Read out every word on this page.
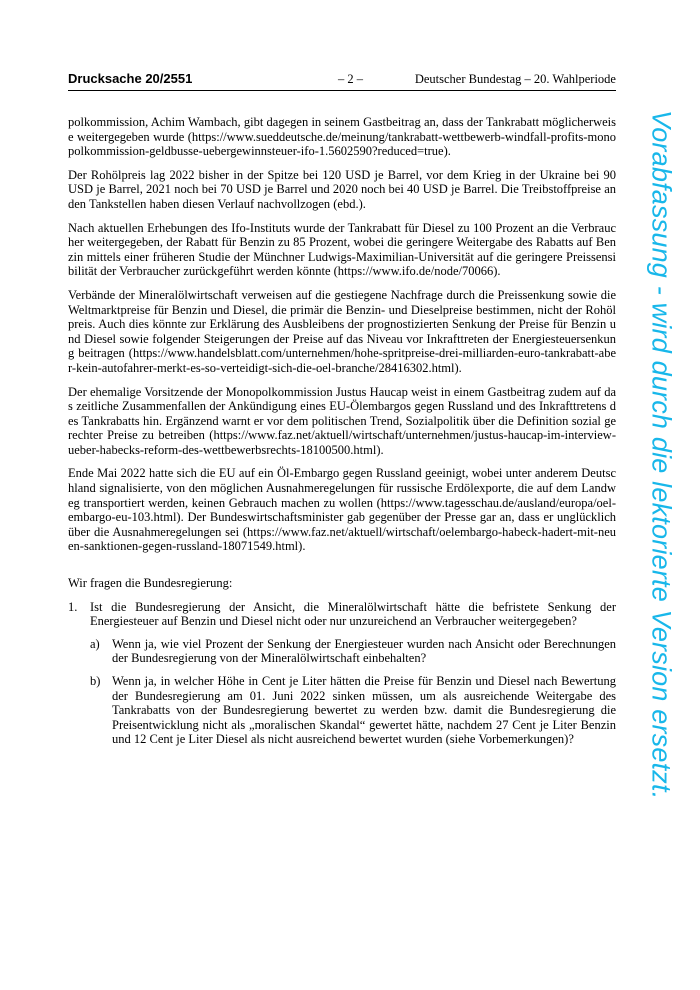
Drucksache 20/2551	– 2 –	Deutscher Bundestag – 20. Wahlperiode

polkommission, Achim Wambach, gibt dagegen in seinem Gastbeitrag an, dass der Tankrabatt möglicherweise weitergegeben wurde (https://www.sueddeutsche.de/meinung/tankrabatt-wettbewerb-windfall-profits-monopolkommission-geldbusse-uebergewinnsteuer-ifo-1.5602590?reduced=true).

Der Rohölpreis lag 2022 bisher in der Spitze bei 120 USD je Barrel, vor dem Krieg in der Ukraine bei 90 USD je Barrel, 2021 noch bei 70 USD je Barrel und 2020 noch bei 40 USD je Barrel. Die Treibstoffpreise an den Tankstellen haben diesen Verlauf nachvollzogen (ebd.).

Nach aktuellen Erhebungen des Ifo-Instituts wurde der Tankrabatt für Diesel zu 100 Prozent an die Verbraucher weitergegeben, der Rabatt für Benzin zu 85 Prozent, wobei die geringere Weitergabe des Rabatts auf Benzin mittels einer früheren Studie der Münchner Ludwigs-Maximilian-Universität auf die geringere Preissensibilität der Verbraucher zurückgeführt werden könnte (https://www.ifo.de/node/70066).

Verbände der Mineralölwirtschaft verweisen auf die gestiegene Nachfrage durch die Preissenkung sowie die Weltmarktpreise für Benzin und Diesel, die primär die Benzin- und Dieselpreise bestimmen, nicht der Rohölpreis. Auch dies könnte zur Erklärung des Ausbleibens der prognostizierten Senkung der Preise für Benzin und Diesel sowie folgender Steigerungen der Preise auf das Niveau vor Inkrafttreten der Energiesteuersenkung beitragen (https://www.handelsblatt.com/unternehmen/hohe-spritpreise-drei-milliarden-euro-tankrabatt-aber-kein-autofahrer-merkt-es-so-verteidigt-sich-die-oel-branche/28416302.html).

Der ehemalige Vorsitzende der Monopolkommission Justus Haucap weist in einem Gastbeitrag zudem auf das zeitliche Zusammenfallen der Ankündigung eines EU-Ölembargos gegen Russland und des Inkrafttretens des Tankrabatts hin. Ergänzend warnt er vor dem politischen Trend, Sozialpolitik über die Definition sozial gerechter Preise zu betreiben (https://www.faz.net/aktuell/wirtschaft/unternehmen/justus-haucap-im-interview-ueber-habecks-reform-des-wettbewerbsrechts-18100500.html).

Ende Mai 2022 hatte sich die EU auf ein Öl-Embargo gegen Russland geeinigt, wobei unter anderem Deutschland signalisierte, von den möglichen Ausnahmeregelungen für russische Erdölexporte, die auf dem Landweg transportiert werden, keinen Gebrauch machen zu wollen (https://www.tagesschau.de/ausland/europa/oel-embargo-eu-103.html). Der Bundeswirtschaftsminister gab gegenüber der Presse gar an, dass er unglücklich über die Ausnahmeregelungen sei (https://www.faz.net/aktuell/wirtschaft/oelembargo-habeck-hadert-mit-neuen-sanktionen-gegen-russland-18071549.html).

Wir fragen die Bundesregierung:

1. Ist die Bundesregierung der Ansicht, die Mineralölwirtschaft hätte die befristete Senkung der Energiesteuer auf Benzin und Diesel nicht oder nur unzureichend an Verbraucher weitergegeben?
a) Wenn ja, wie viel Prozent der Senkung der Energiesteuer wurden nach Ansicht oder Berechnungen der Bundesregierung von der Mineralölwirtschaft einbehalten?
b) Wenn ja, in welcher Höhe in Cent je Liter hätten die Preise für Benzin und Diesel nach Bewertung der Bundesregierung am 01. Juni 2022 sinken müssen, um als ausreichende Weitergabe des Tankrabatts von der Bundesregierung bewertet zu werden bzw. damit die Bundesregierung die Preisentwicklung nicht als „moralischen Skandal“ gewertet hätte, nachdem 27 Cent je Liter Benzin und 12 Cent je Liter Diesel als nicht ausreichend bewertet wurden (siehe Vorbemerkungen)?	Vorabfassung - wird durch die lektorierte Version ersetzt.
